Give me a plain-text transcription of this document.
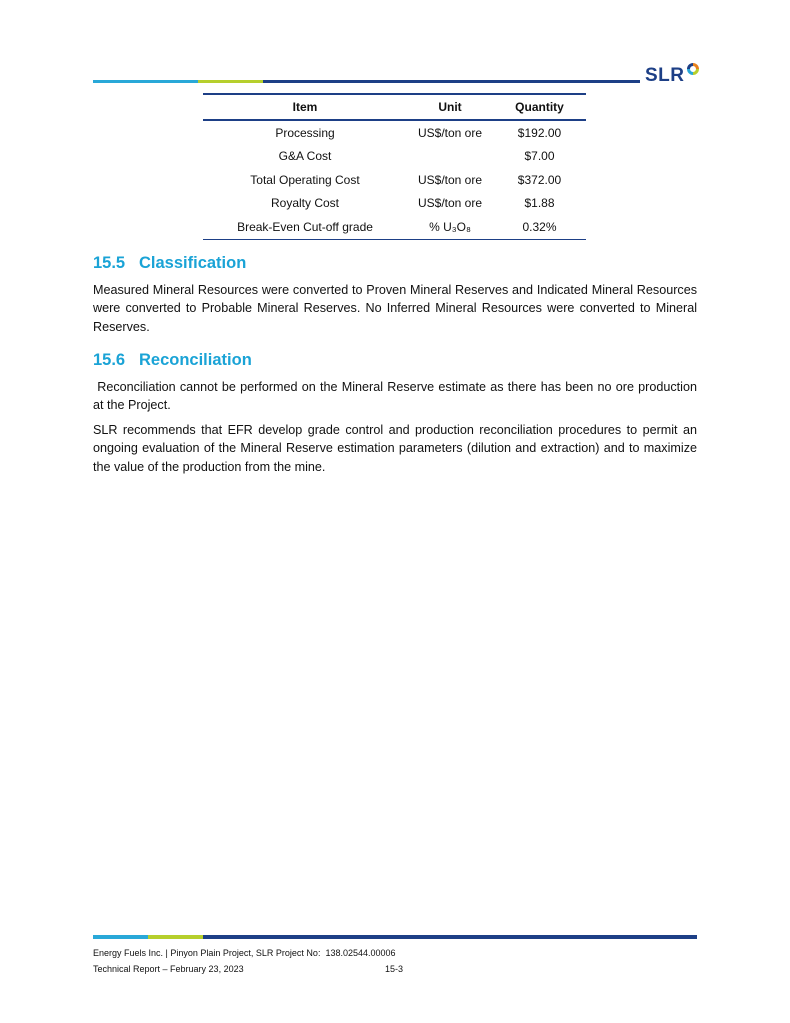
SLR
Item	Unit	Quantity
Processing	US$/ton ore	$192.00
G&A Cost		$7.00
Total Operating Cost	US$/ton ore	$372.00
Royalty Cost	US$/ton ore	$1.88
Break-Even Cut-off grade	% U₃O₈	0.32%
15.5 Classification

Measured Mineral Resources were converted to Proven Mineral Reserves and Indicated Mineral Resources were converted to Probable Mineral Reserves. No Inferred Mineral Resources were converted to Mineral Reserves.

15.6 Reconciliation

Reconciliation cannot be performed on the Mineral Reserve estimate as there has been no ore production at the Project.

SLR recommends that EFR develop grade control and production reconciliation procedures to permit an ongoing evaluation of the Mineral Reserve estimation parameters (dilution and extraction) and to maximize the value of the production from the mine.

Energy Fuels Inc. | Pinyon Plain Project, SLR Project No:  138.02544.00006
Technical Report – February 23, 2023	15-3
